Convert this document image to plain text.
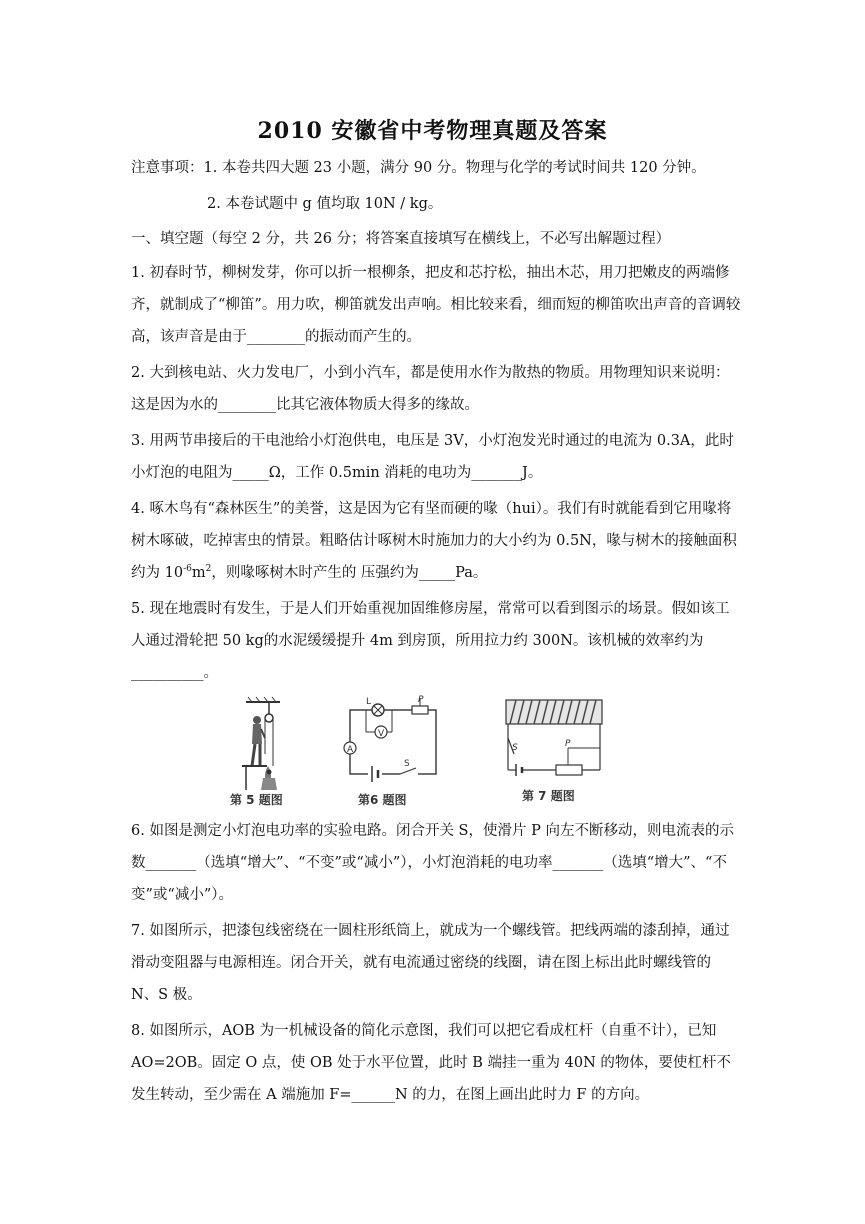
2010 安徽省中考物理真题及答案

注意事项：1. 本卷共四大题 23 小题，满分 90 分。物理与化学的考试时间共 120 分钟。

2. 本卷试题中 g 值均取 10N / kg。

一、填空题（每空 2 分，共 26 分；将答案直接填写在横线上，不必写出解题过程）

1. 初春时节，柳树发芽，你可以折一根柳条，把皮和芯拧松，抽出木芯，用刀把嫩皮的两端修齐，就制成了“柳笛”。用力吹，柳笛就发出声响。相比较来看，细而短的柳笛吹出声音的音调较高，该声音是由于________的振动而产生的。

2. 大到核电站、火力发电厂，小到小汽车，都是使用水作为散热的物质。用物理知识来说明：这是因为水的________比其它液体物质大得多的缘故。

3. 用两节串接后的干电池给小灯泡供电，电压是 3V，小灯泡发光时通过的电流为 0.3A，此时小灯泡的电阻为_____Ω，工作 0.5min 消耗的电功为_______J。

4. 啄木鸟有“森林医生”的美誉，这是因为它有坚而硬的喙（hui）。我们有时就能看到它用喙将树木啄破，吃掉害虫的情景。粗略估计啄树木时施加力的大小约为 0.5N，喙与树木的接触面积约为 $10^{-6}m^2$，则喙啄树木时产生的 压强约为_____Pa。

5. 现在地震时有发生，于是人们开始重视加固维修房屋，常常可以看到图示的场景。假如该工人通过滑轮把 50 kg的水泥缓缓提升 4m 到房顶，所用拉力约 300N。该机械的效率约为__________。

第 5 题图
L	P
V
A
S
第6 题图
P
S
第 7 题图

6. 如图是测定小灯泡电功率的实验电路。闭合开关 S，使滑片 P 向左不断移动，则电流表的示数_______（选填“增大”、“不变”或“减小”），小灯泡消耗的电功率_______（选填“增大”、“不变”或“减小”）。

7. 如图所示，把漆包线密绕在一圆柱形纸筒上，就成为一个螺线管。把线两端的漆刮掉，通过滑动变阻器与电源相连。闭合开关，就有电流通过密绕的线圈，请在图上标出此时螺线管的 N、S 极。

8. 如图所示，AOB 为一机械设备的简化示意图，我们可以把它看成杠杆（自重不计），已知 AO=2OB。固定 O 点，使 OB 处于水平位置，此时 B 端挂一重为 40N 的物体，要使杠杆不发生转动，至少需在 A 端施加 F=______N 的力，在图上画出此时力 F 的方向。
